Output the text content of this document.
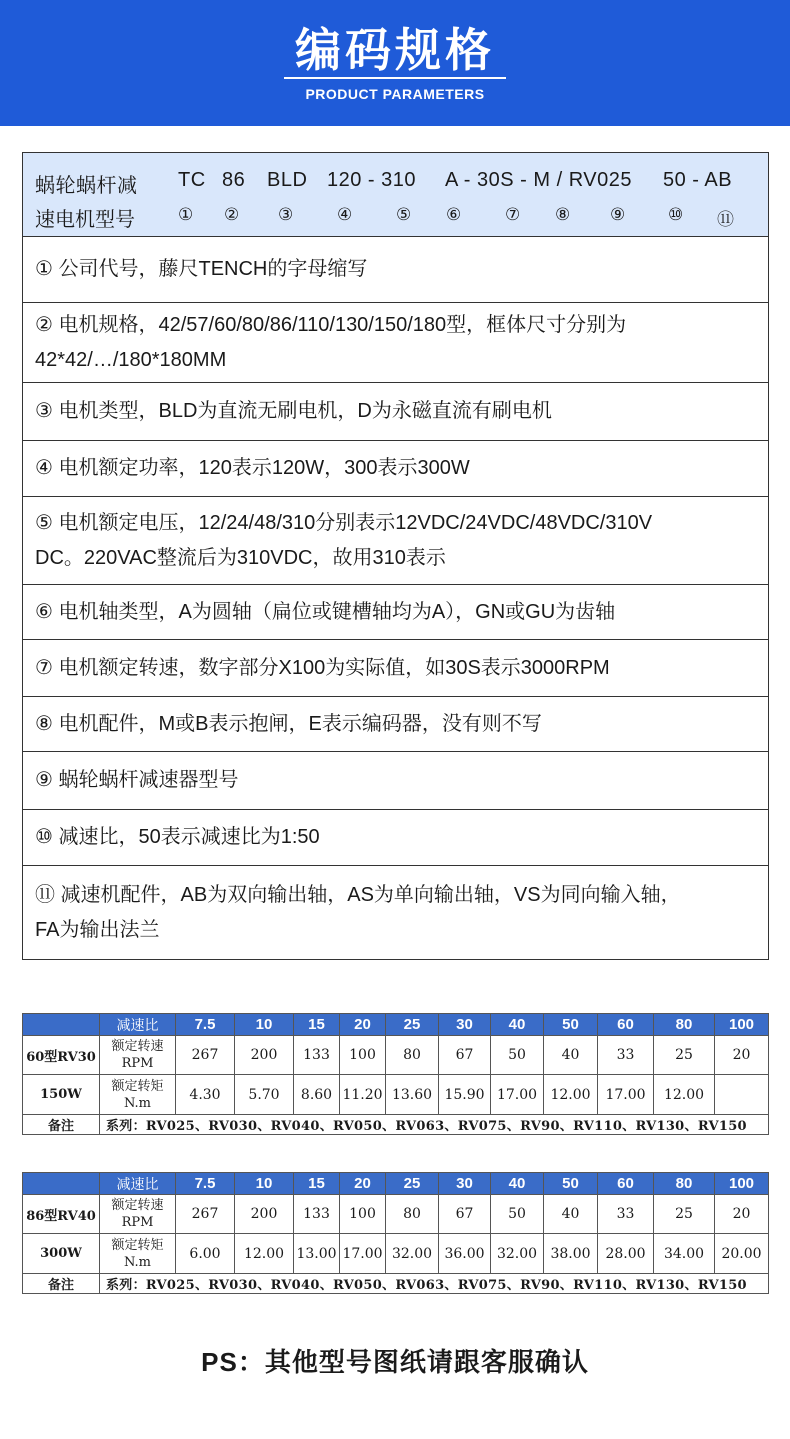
编码规格
PRODUCT PARAMETERS
蜗轮蜗杆减
速电机型号
TC 86 BLD 120 - 310 A - 30S - M / RV025 50 - AB
① ② ③	④	⑤ ⑥	⑦ ⑧ ⑨	⑩ ⑪
① 公司代号，藤尺TENCH的字母缩写
② 电机规格，42/57/60/80/86/110/130/150/180型，框体尺寸分别为
42*42/…/180*180MM
③ 电机类型，BLD为直流无刷电机，D为永磁直流有刷电机
④ 电机额定功率，120表示120W，300表示300W
⑤ 电机额定电压，12/24/48/310分别表示12VDC/24VDC/48VDC/310V
DC。220VAC整流后为310VDC，故用310表示
⑥ 电机轴类型，A为圆轴（扁位或键槽轴均为A），GN或GU为齿轴
⑦ 电机额定转速，数字部分X100为实际值，如30S表示3000RPM
⑧ 电机配件，M或B表示抱闸，E表示编码器，没有则不写
⑨ 蜗轮蜗杆减速器型号
⑩ 减速比，50表示减速比为1:50
⑪ 减速机配件，AB为双向输出轴，AS为单向输出轴，VS为同向输入轴，
FA为输出法兰
	减速比	7.5	10	15	20	25	30	40	50	60	80	100
60型RV30	额定转速
RPM	267	200	133	100	80	67	50	40	33	25	20
150W	额定转矩
N.m	4.30	5.70	8.60	11.20	13.60	15.90	17.00	12.00	17.00	12.00	
备注	系列：RV025、RV030、RV040、RV050、RV063、RV075、RV90、RV110、RV130、RV150											
	减速比	7.5	10	15	20	25	30	40	50	60	80	100
86型RV40	额定转速
RPM	267	200	133	100	80	67	50	40	33	25	20
300W	额定转矩
N.m	6.00	12.00	13.00	17.00	32.00	36.00	32.00	38.00	28.00	34.00	20.00
备注	系列：RV025、RV030、RV040、RV050、RV063、RV075、RV90、RV110、RV130、RV150											
PS：其他型号图纸请跟客服确认
